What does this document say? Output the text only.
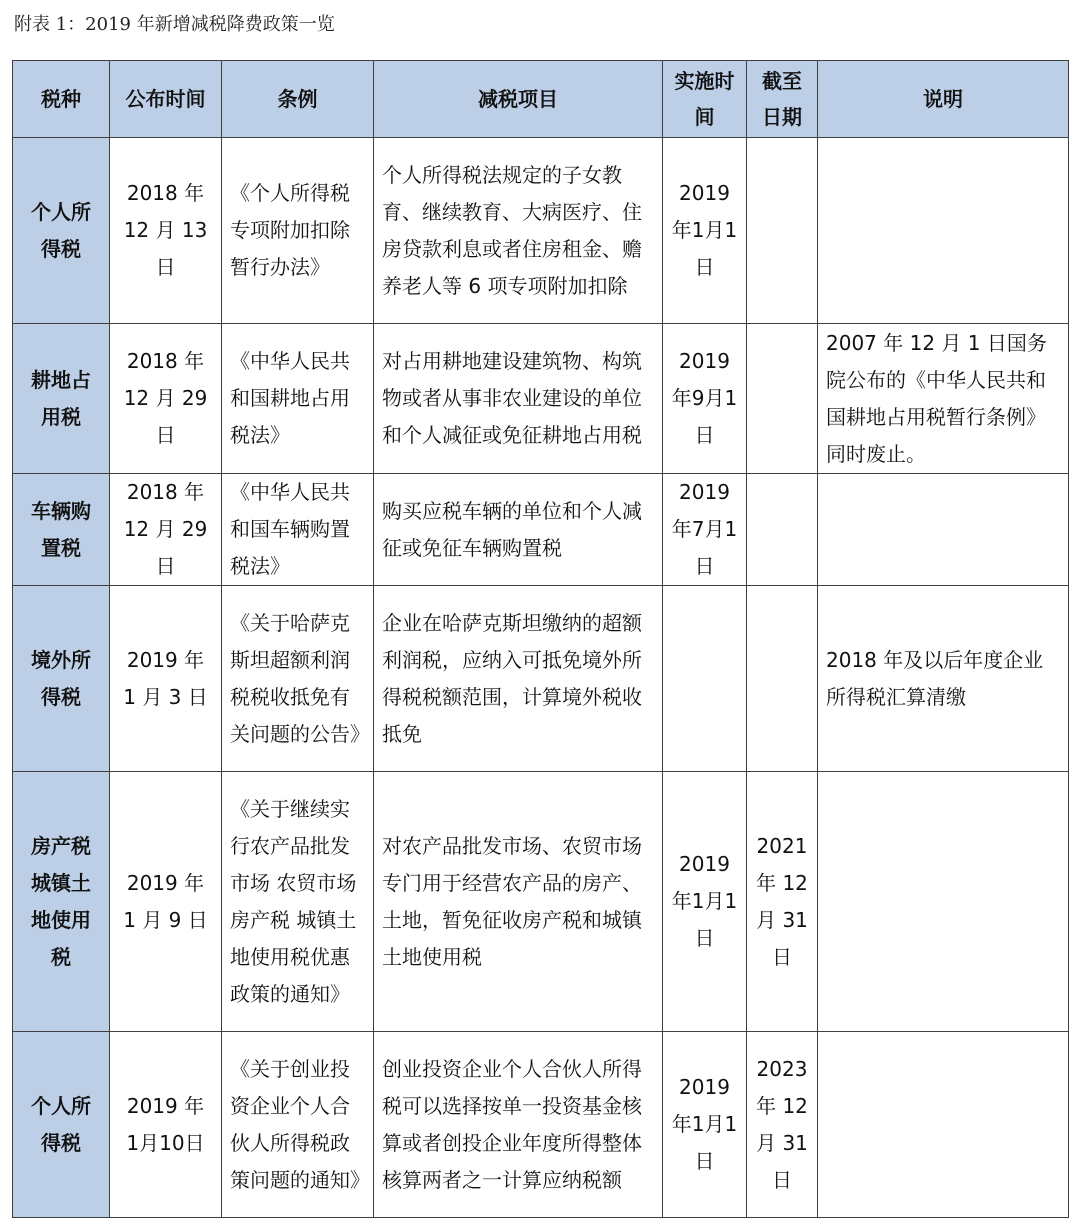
附表 1：2019 年新增减税降费政策一览
税种	公布时间	条例	减税项目	实施时间	截至日期	说明

个人所得税	2018 年 12 月 13 日	《个人所得税专项附加扣除暂行办法》	个人所得税法规定的子女教育、继续教育、大病医疗、住房贷款利息或者住房租金、赡养老人等 6 项专项附加扣除	2019 年1月1日		

耕地占用税	2018 年 12 月 29 日	《中华人民共和国耕地占用税法》	对占用耕地建设建筑物、构筑物或者从事非农业建设的单位和个人减征或免征耕地占用税	2019 年9月1日		2007 年 12 月 1 日国务院公布的《中华人民共和国耕地占用税暂行条例》同时废止。

车辆购置税	2018 年 12 月 29 日	《中华人民共和国车辆购置税法》	购买应税车辆的单位和个人减征或免征车辆购置税	2019 年7月1日		

境外所得税	2019 年 1 月 3 日	《关于哈萨克斯坦超额利润税税收抵免有关问题的公告》	企业在哈萨克斯坦缴纳的超额利润税，应纳入可抵免境外所得税税额范围，计算境外税收抵免			2018 年及以后年度企业所得税汇算清缴

房产税城镇土地使用税	2019 年 1 月 9 日	《关于继续实行农产品批发市场 农贸市场房产税 城镇土地使用税优惠政策的通知》	对农产品批发市场、农贸市场专门用于经营农产品的房产、土地，暂免征收房产税和城镇土地使用税	2019 年1月1日	2021 年 12 月 31 日	

个人所得税	2019 年 1月10日	《关于创业投资企业个人合伙人所得税政策问题的通知》	创业投资企业个人合伙人所得税可以选择按单一投资基金核算或者创投企业年度所得整体核算两者之一计算应纳税额	2019 年1月1日	2023 年 12 月 31 日	
